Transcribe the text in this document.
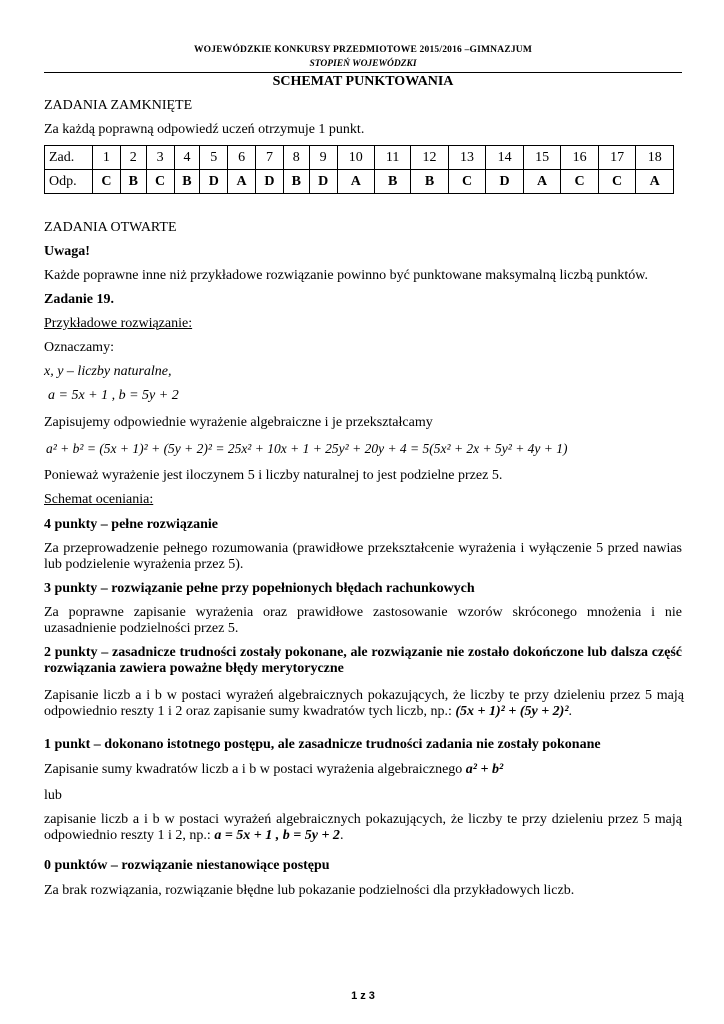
WOJEWÓDZKIE KONKURSY PRZEDMIOTOWE 2015/2016 –GIMNAZJUM
STOPIEŃ WOJEWÓDZKI
SCHEMAT PUNKTOWANIA
ZADANIA ZAMKNIĘTE
Za każdą poprawną odpowiedź uczeń otrzymuje 1 punkt.
Zad.	1	2	3	4	5	6	7	8	9	10	11	12	13	14	15	16	17	18
Odp.	C	B	C	B	D	A	D	B	D	A	B	B	C	D	A	C	C	A
ZADANIA OTWARTE
Uwaga!
Każde poprawne inne niż przykładowe rozwiązanie powinno być punktowane maksymalną liczbą punktów.
Zadanie 19.
Przykładowe rozwiązanie:
Oznaczamy:
x, y – liczby naturalne,
a = 5x + 1 , b = 5y + 2
Zapisujemy odpowiednie wyrażenie algebraiczne i je przekształcamy
a² + b² = (5x + 1)² + (5y + 2)² = 25x² + 10x + 1 + 25y² + 20y + 4 = 5(5x² + 2x + 5y² + 4y + 1)
Ponieważ wyrażenie jest iloczynem 5 i liczby naturalnej to jest podzielne przez 5.
Schemat oceniania:
4 punkty – pełne rozwiązanie
Za przeprowadzenie pełnego rozumowania (prawidłowe przekształcenie wyrażenia i wyłączenie 5 przed nawias lub podzielenie wyrażenia przez 5).
3 punkty – rozwiązanie pełne przy popełnionych błędach rachunkowych
Za poprawne zapisanie wyrażenia oraz prawidłowe zastosowanie wzorów skróconego mnożenia i nie uzasadnienie podzielności przez 5.
2 punkty – zasadnicze trudności zostały pokonane, ale rozwiązanie nie zostało dokończone lub dalsza część rozwiązania zawiera poważne błędy merytoryczne
Zapisanie liczb a i b w postaci wyrażeń algebraicznych pokazujących, że liczby te przy dzieleniu przez 5 mają odpowiednio reszty 1 i 2 oraz zapisanie sumy kwadratów tych liczb, np.: (5x + 1)² + (5y + 2)².
1 punkt – dokonano istotnego postępu, ale zasadnicze trudności zadania nie zostały pokonane
Zapisanie sumy kwadratów liczb a i b w postaci wyrażenia algebraicznego a² + b²
lub
zapisanie liczb a i b w postaci wyrażeń algebraicznych pokazujących, że liczby te przy dzieleniu przez 5 mają odpowiednio reszty 1 i 2, np.: a = 5x + 1 , b = 5y + 2.
0 punktów – rozwiązanie niestanowiące postępu
Za brak rozwiązania, rozwiązanie błędne lub pokazanie podzielności dla przykładowych liczb.
1 z 3
